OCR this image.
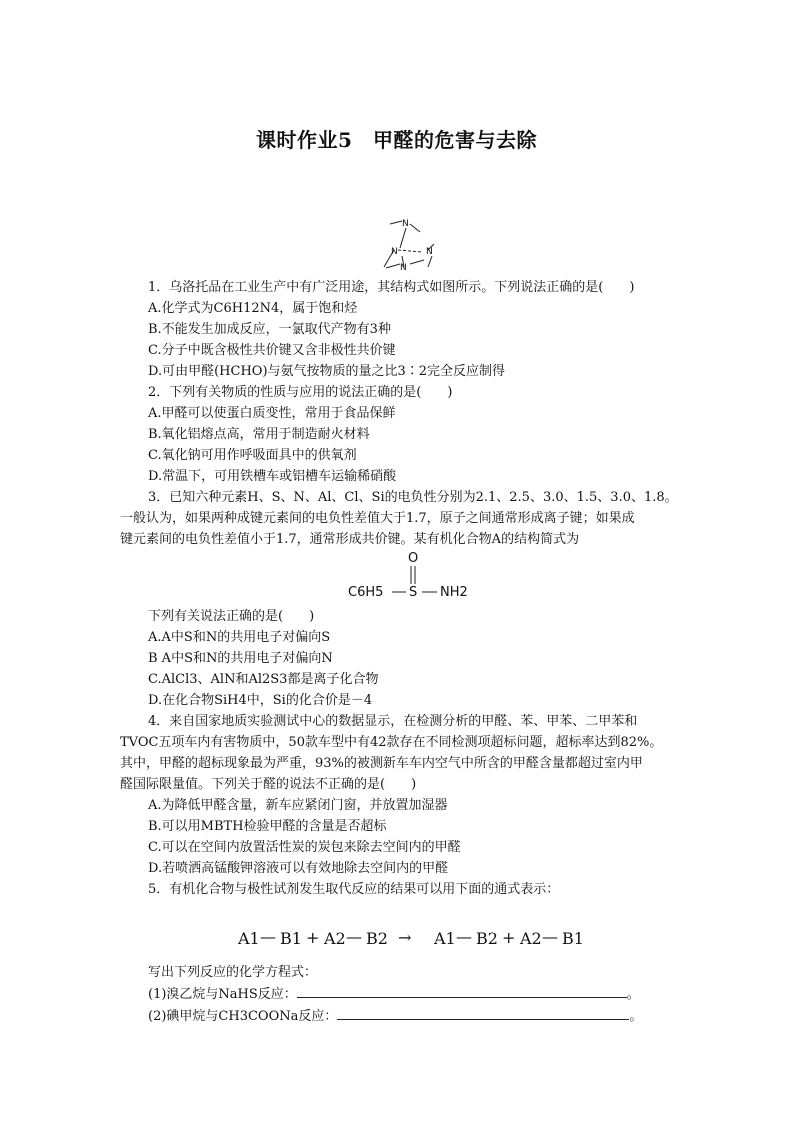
课时作业5　甲醛的危害与去除
N
N	N
N
1．乌洛托品在工业生产中有广泛用途，其结构式如图所示。下列说法正确的是(　　)
A.化学式为C6H12N4，属于饱和烃
B.不能发生加成反应，一氯取代产物有3种
C.分子中既含极性共价键又含非极性共价键
D.可由甲醛(HCHO)与氨气按物质的量之比3∶2完全反应制得
2．下列有关物质的性质与应用的说法正确的是(　　)
A.甲醛可以使蛋白质变性，常用于食品保鲜
B.氧化铝熔点高，常用于制造耐火材料
C.氧化钠可用作呼吸面具中的供氧剂
D.常温下，可用铁槽车或铝槽车运输稀硝酸
3．已知六种元素H、S、N、Al、Cl、Si的电负性分别为2.1、2.5、3.0、1.5、3.0、1.8。
一般认为，如果两种成键元素间的电负性差值大于1.7，原子之间通常形成离子键；如果成
键元素间的电负性差值小于1.7，通常形成共价键。某有机化合物A的结构简式为
O
C6H5 S NH2
下列有关说法正确的是(　　)
A.A中S和N的共用电子对偏向S
B A中S和N的共用电子对偏向N
C.AlCl3、AlN和Al2S3都是离子化合物
D.在化合物SiH4中，Si的化合价是－4
4．来自国家地质实验测试中心的数据显示，在检测分析的甲醛、苯、甲苯、二甲苯和
TVOC五项车内有害物质中，50款车型中有42款存在不同检测项超标问题，超标率达到82%。
其中，甲醛的超标现象最为严重，93%的被测新车车内空气中所含的甲醛含量都超过室内甲
醛国际限量值。下列关于醛的说法不正确的是(　　)
A.为降低甲醛含量，新车应紧闭门窗，并放置加湿器
B.可以用MBTH检验甲醛的含量是否超标
C.可以在空间内放置活性炭的炭包来除去空间内的甲醛
D.若喷洒高锰酸钾溶液可以有效地除去空间内的甲醛
5．有机化合物与极性试剂发生取代反应的结果可以用下面的通式表示：
A1 — B1 + A2 — B2 → A1 — B2 + A2 — B1
写出下列反应的化学方程式：
(1)溴乙烷与NaHS反应：	。
(2)碘甲烷与CH3COONa反应：	。
